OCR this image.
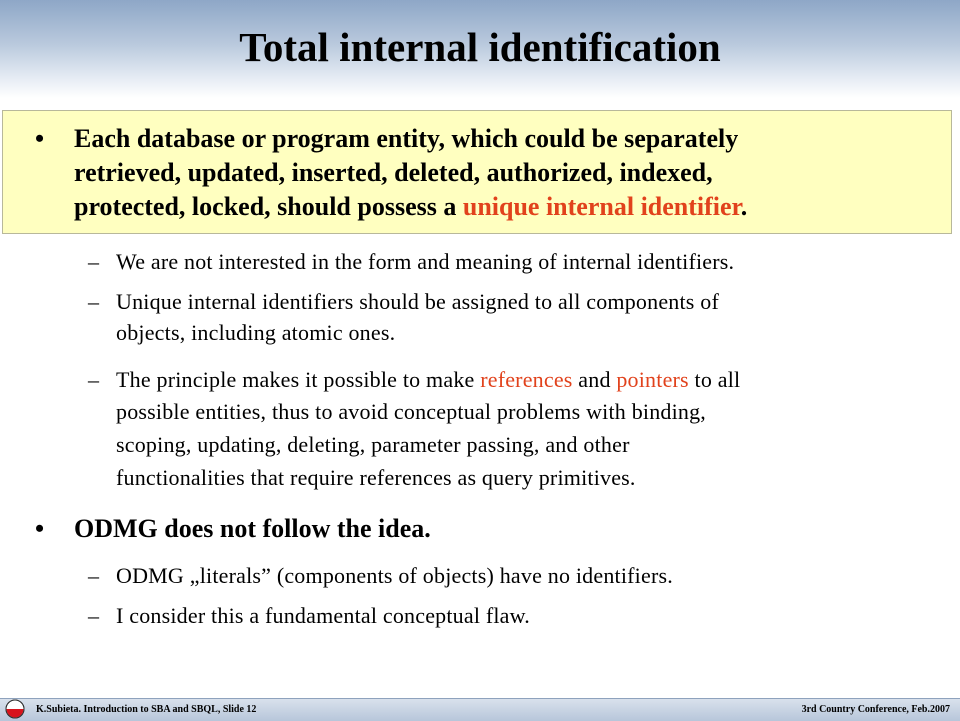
Total internal identification
• Each database or program entity, which could be separately
retrieved, updated, inserted, deleted, authorized, indexed,
protected, locked, should possess a unique internal identifier.
– We are not interested in the form and meaning of internal identifiers.
– Unique internal identifiers should be assigned to all components of
objects, including atomic ones.
– The principle makes it possible to make references and pointers to all
possible entities, thus to avoid conceptual problems with binding,
scoping, updating, deleting, parameter passing, and other
functionalities that require references as query primitives.
• ODMG does not follow the idea.
– ODMG „literals” (components of objects) have no identifiers.
– I consider this a fundamental conceptual flaw.
K.Subieta. Introduction to SBA and SBQL, Slide 12	3rd Country Conference, Feb.2007
